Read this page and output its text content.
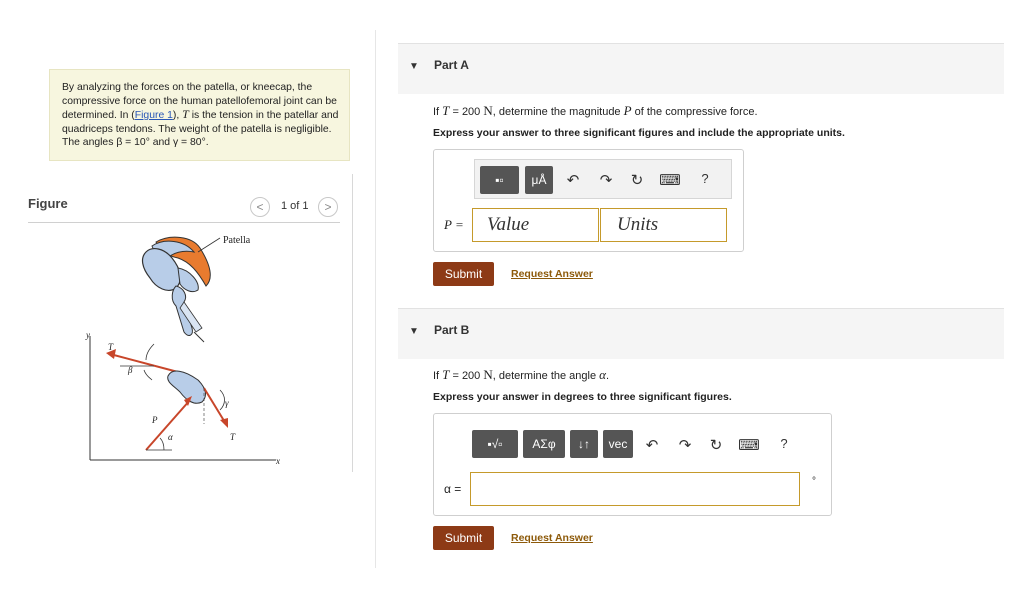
By analyzing the forces on the patella, or kneecap, the compressive force on the human patellofemoral joint can be determined. In (Figure 1), T is the tension in the patellar and quadriceps tendons. The weight of the patella is negligible. The angles β = 10° and γ = 80°.

Figure	<	1 of 1	>
Patella
y
x
T
β
γ
P
α	T
▼ Part A
If T = 200 N, determine the magnitude P of the compressive force.
Express your answer to three significant figures and include the appropriate units.
▪▫	μÅ	↶ ↷ ↻ ⌨	?
P = Value	Units
Submit	Request Answer
▼ Part B
If T = 200 N, determine the angle α.
Express your answer in degrees to three significant figures.
▪√▫	ΑΣφ	↓↑	vec	↶ ↷ ↻ ⌨	?
α =
°
Submit	Request Answer
